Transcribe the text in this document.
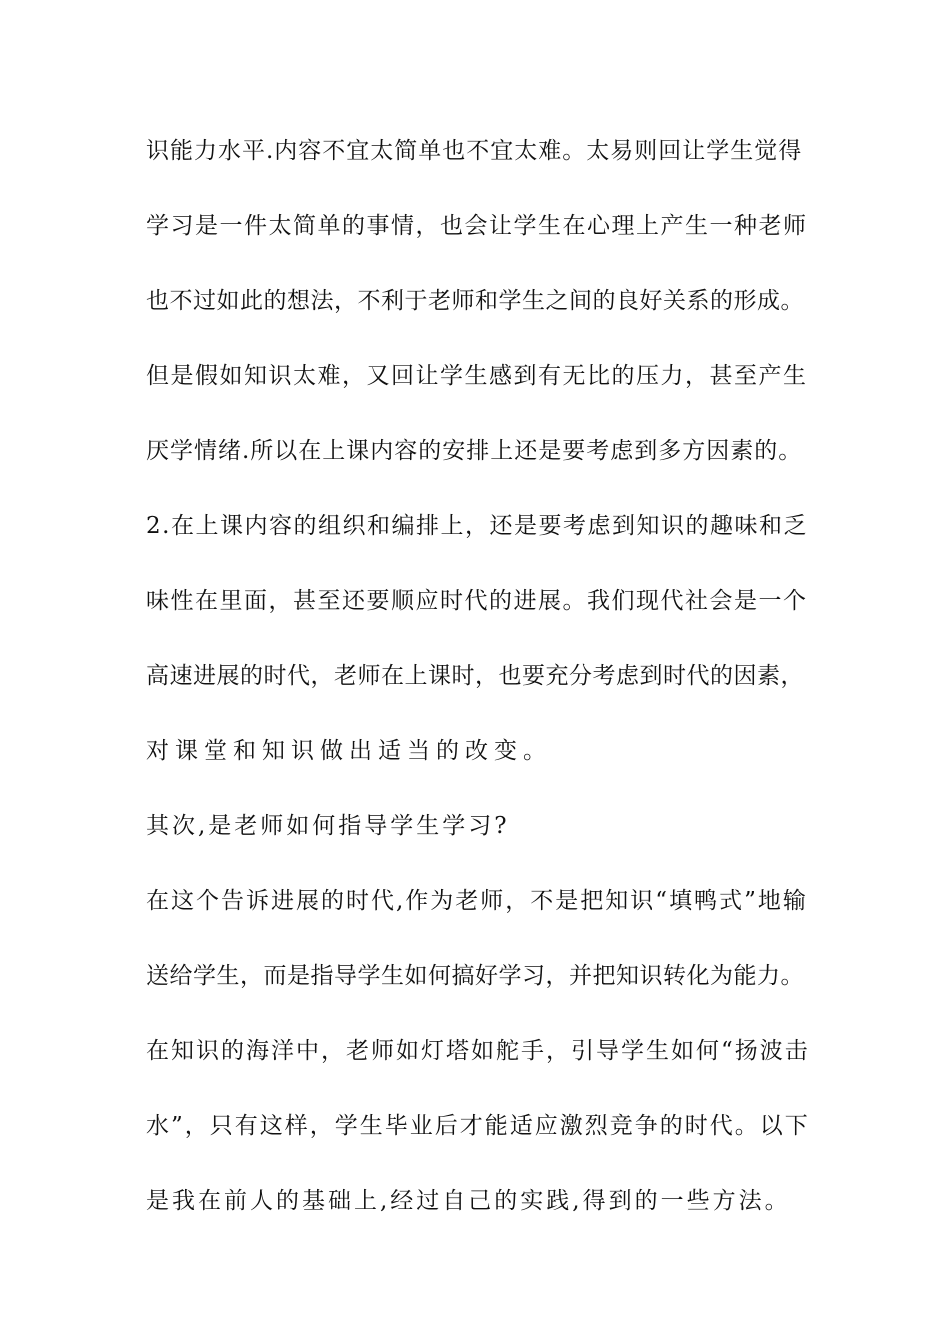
识能力水平.内容不宜太简单也不宜太难。太易则回让学生觉得

学习是一件太简单的事情，也会让学生在心理上产生一种老师

也不过如此的想法，不利于老师和学生之间的良好关系的形成。

但是假如知识太难，又回让学生感到有无比的压力，甚至产生

厌学情绪.所以在上课内容的安排上还是要考虑到多方因素的。

2.在上课内容的组织和编排上，还是要考虑到知识的趣味和乏

味性在里面，甚至还要顺应时代的进展。我们现代社会是一个

高速进展的时代，老师在上课时，也要充分考虑到时代的因素，

对课堂和知识做出适当的改变。

其次,是老师如何指导学生学习?

在这个告诉进展的时代,作为老师，不是把知识“填鸭式”地输

送给学生，而是指导学生如何搞好学习，并把知识转化为能力。

在知识的海洋中，老师如灯塔如舵手，引导学生如何“扬波击

水”，只有这样，学生毕业后才能适应激烈竞争的时代。以下

是我在前人的基础上,经过自己的实践,得到的一些方法。
